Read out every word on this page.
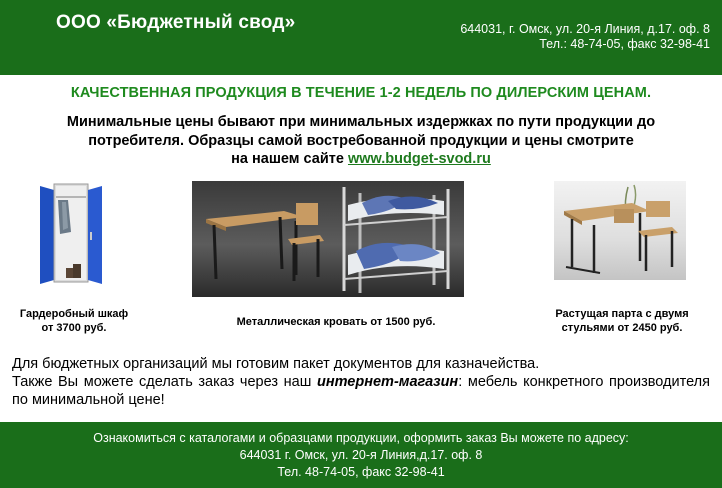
ООО «Бюджетный свод»	644031, г. Омск, ул. 20-я Линия, д.17. оф. 8
Тел.: 48-74-05, факс 32-98-41
КАЧЕСТВЕННАЯ ПРОДУКЦИЯ В ТЕЧЕНИЕ 1-2 НЕДЕЛЬ ПО ДИЛЕРСКИМ ЦЕНАМ.
Минимальные цены бывают при минимальных издержках по пути продукции до
потребителя. Образцы самой востребованной продукции и цены смотрите
на нашем сайте www.budget-svod.ru
Гардеробный шкаф
от 3700 руб.	Металлическая кровать от 1500 руб.
Растущая парта с двумя
стульями от 2450 руб.
Для бюджетных организаций мы готовим пакет документов для казначейства.

Также Вы можете сделать заказ через наш интернет-магазин: мебель конкретного производителя по минимальной цене!

Ознакомиться с каталогами и образцами продукции, оформить заказ Вы можете по адресу:
644031 г. Омск, ул. 20-я Линия,д.17. оф. 8
Тел. 48-74-05, факс 32-98-41
